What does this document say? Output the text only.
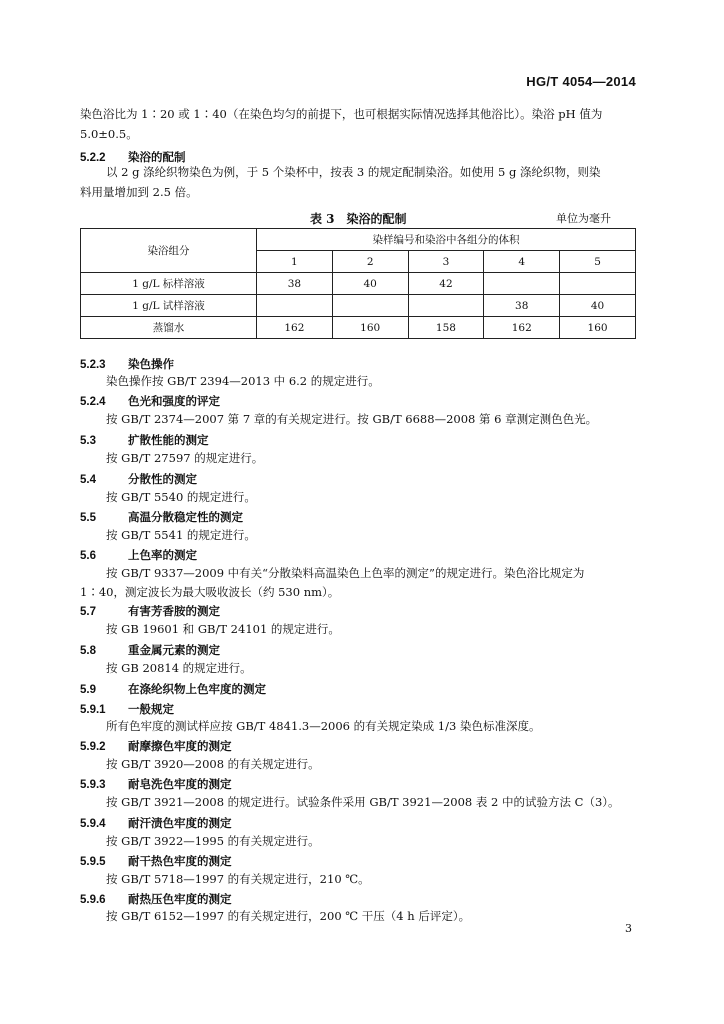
HG/T 4054—2014
染色浴比为 1∶20 或 1∶40（在染色均匀的前提下，也可根据实际情况选择其他浴比）。染浴 pH 值为
5.0±0.5。
5.2.2 染浴的配制
以 2 g 涤纶织物染色为例，于 5 个染杯中，按表 3 的规定配制染浴。如使用 5 g 涤纶织物，则染
料用量增加到 2.5 倍。
表 3　染浴的配制	单位为毫升
染浴组分	染样编号和染浴中各组分的体积				
	1	2	3	4	5
1 g/L 标样溶液	38	40	42		
1 g/L 试样溶液				38	40
蒸馏水	162	160	158	162	160
5.2.3 染色操作
染色操作按 GB/T 2394—2013 中 6.2 的规定进行。
5.2.4 色光和强度的评定
按 GB/T 2374—2007 第 7 章的有关规定进行。按 GB/T 6688—2008 第 6 章测定测色色光。
5.3	扩散性能的测定
按 GB/T 27597 的规定进行。
5.4	分散性的测定
按 GB/T 5540 的规定进行。
5.5	高温分散稳定性的测定
按 GB/T 5541 的规定进行。
5.6	上色率的测定
按 GB/T 9337—2009 中有关“分散染料高温染色上色率的测定”的规定进行。染色浴比规定为
1∶40，测定波长为最大吸收波长（约 530 nm）。
5.7	有害芳香胺的测定
按 GB 19601 和 GB/T 24101 的规定进行。
5.8	重金属元素的测定
按 GB 20814 的规定进行。
5.9	在涤纶织物上色牢度的测定
5.9.1 一般规定
所有色牢度的测试样应按 GB/T 4841.3—2006 的有关规定染成 1/3 染色标准深度。
5.9.2 耐摩擦色牢度的测定
按 GB/T 3920—2008 的有关规定进行。
5.9.3 耐皂洗色牢度的测定
按 GB/T 3921—2008 的规定进行。试验条件采用 GB/T 3921—2008 表 2 中的试验方法 C（3）。
5.9.4 耐汗渍色牢度的测定
按 GB/T 3922—1995 的有关规定进行。
5.9.5 耐干热色牢度的测定
按 GB/T 5718—1997 的有关规定进行，210 ℃。
5.9.6 耐热压色牢度的测定
按 GB/T 6152—1997 的有关规定进行，200 ℃ 干压（4 h 后评定）。
3
